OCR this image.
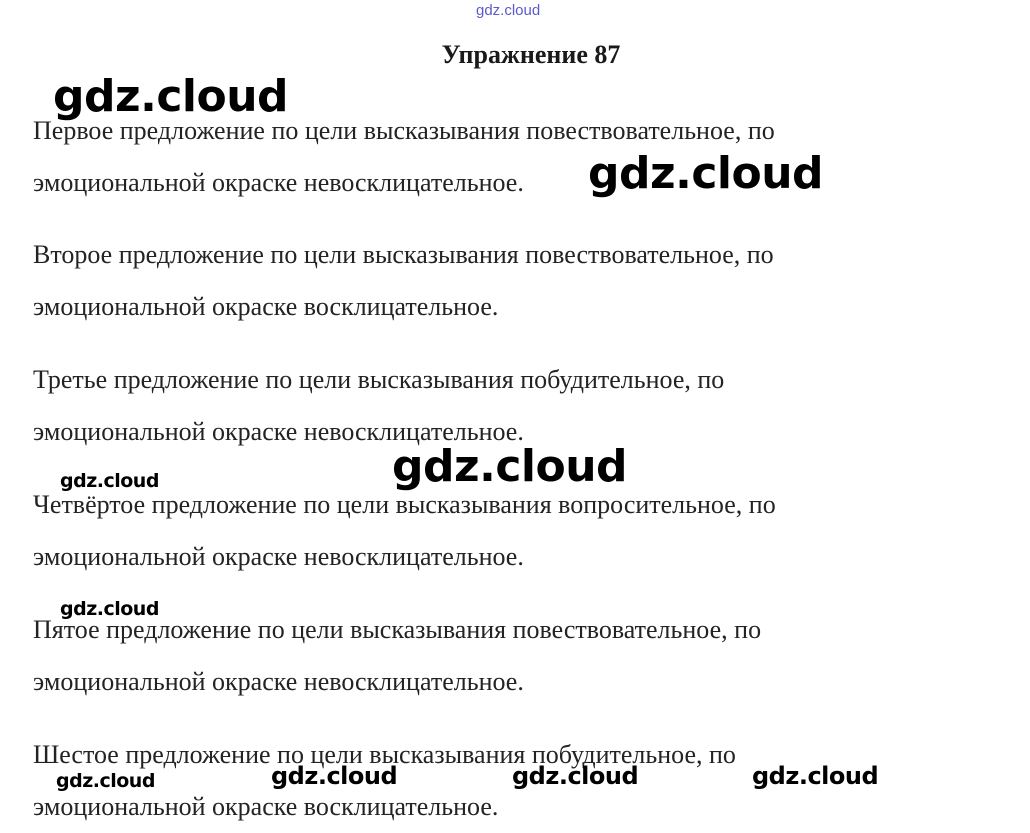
gdz.cloud
Упражнение 87

Первое предложение по цели высказывания повествовательное, по
эмоциональной окраске невосклицательное.

Второе предложение по цели высказывания повествовательное, по
эмоциональной окраске восклицательное.

Третье предложение по цели высказывания побудительное, по
эмоциональной окраске невосклицательное.

Четвёртое предложение по цели высказывания вопросительное, по
эмоциональной окраске невосклицательное.

Пятое предложение по цели высказывания повествовательное, по
эмоциональной окраске невосклицательное.

Шестое предложение по цели высказывания побудительное, по
эмоциональной окраске восклицательное.

gdz.cloud
gdz.cloud
gdz.cloud
gdz.cloud
gdz.cloud
gdz.cloud	gdz.cloud	gdz.cloud	gdz.cloud
